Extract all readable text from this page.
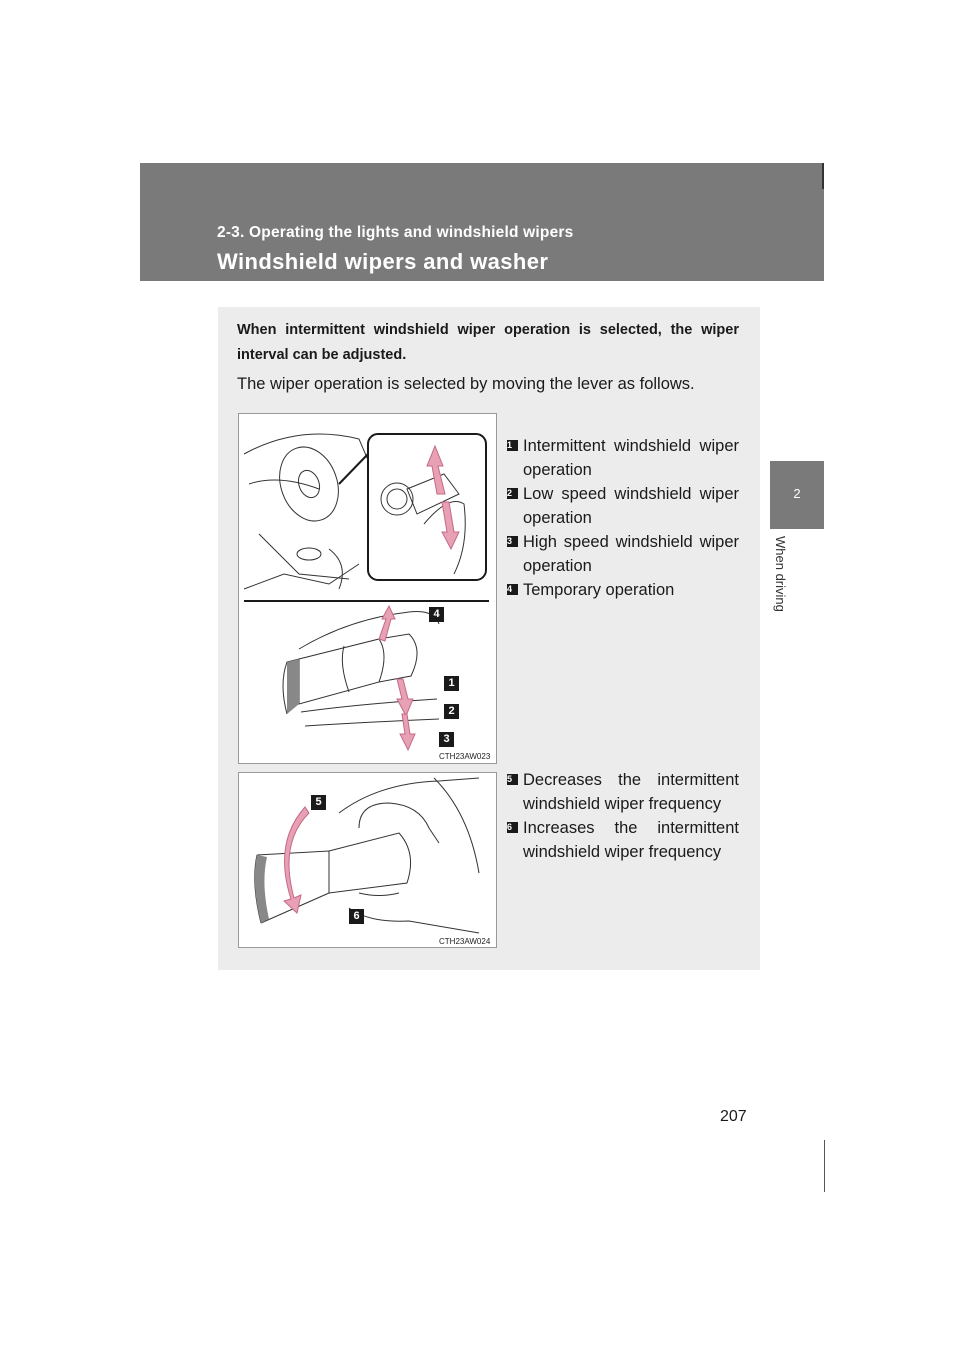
2-3. Operating the lights and windshield wipers
Windshield wipers and washer
2
When driving
When intermittent windshield wiper operation is selected, the wiper interval can be adjusted.
The wiper operation is selected by moving the lever as follows.
4
1
2
3
CTH23AW023
5
6
CTH23AW024
1 Intermittent windshield wiper operation
2 Low speed windshield wiper operation
3 High speed windshield wiper operation
4 Temporary operation
5 Decreases the intermittent windshield wiper frequency
6 Increases the intermittent windshield wiper frequency
207
